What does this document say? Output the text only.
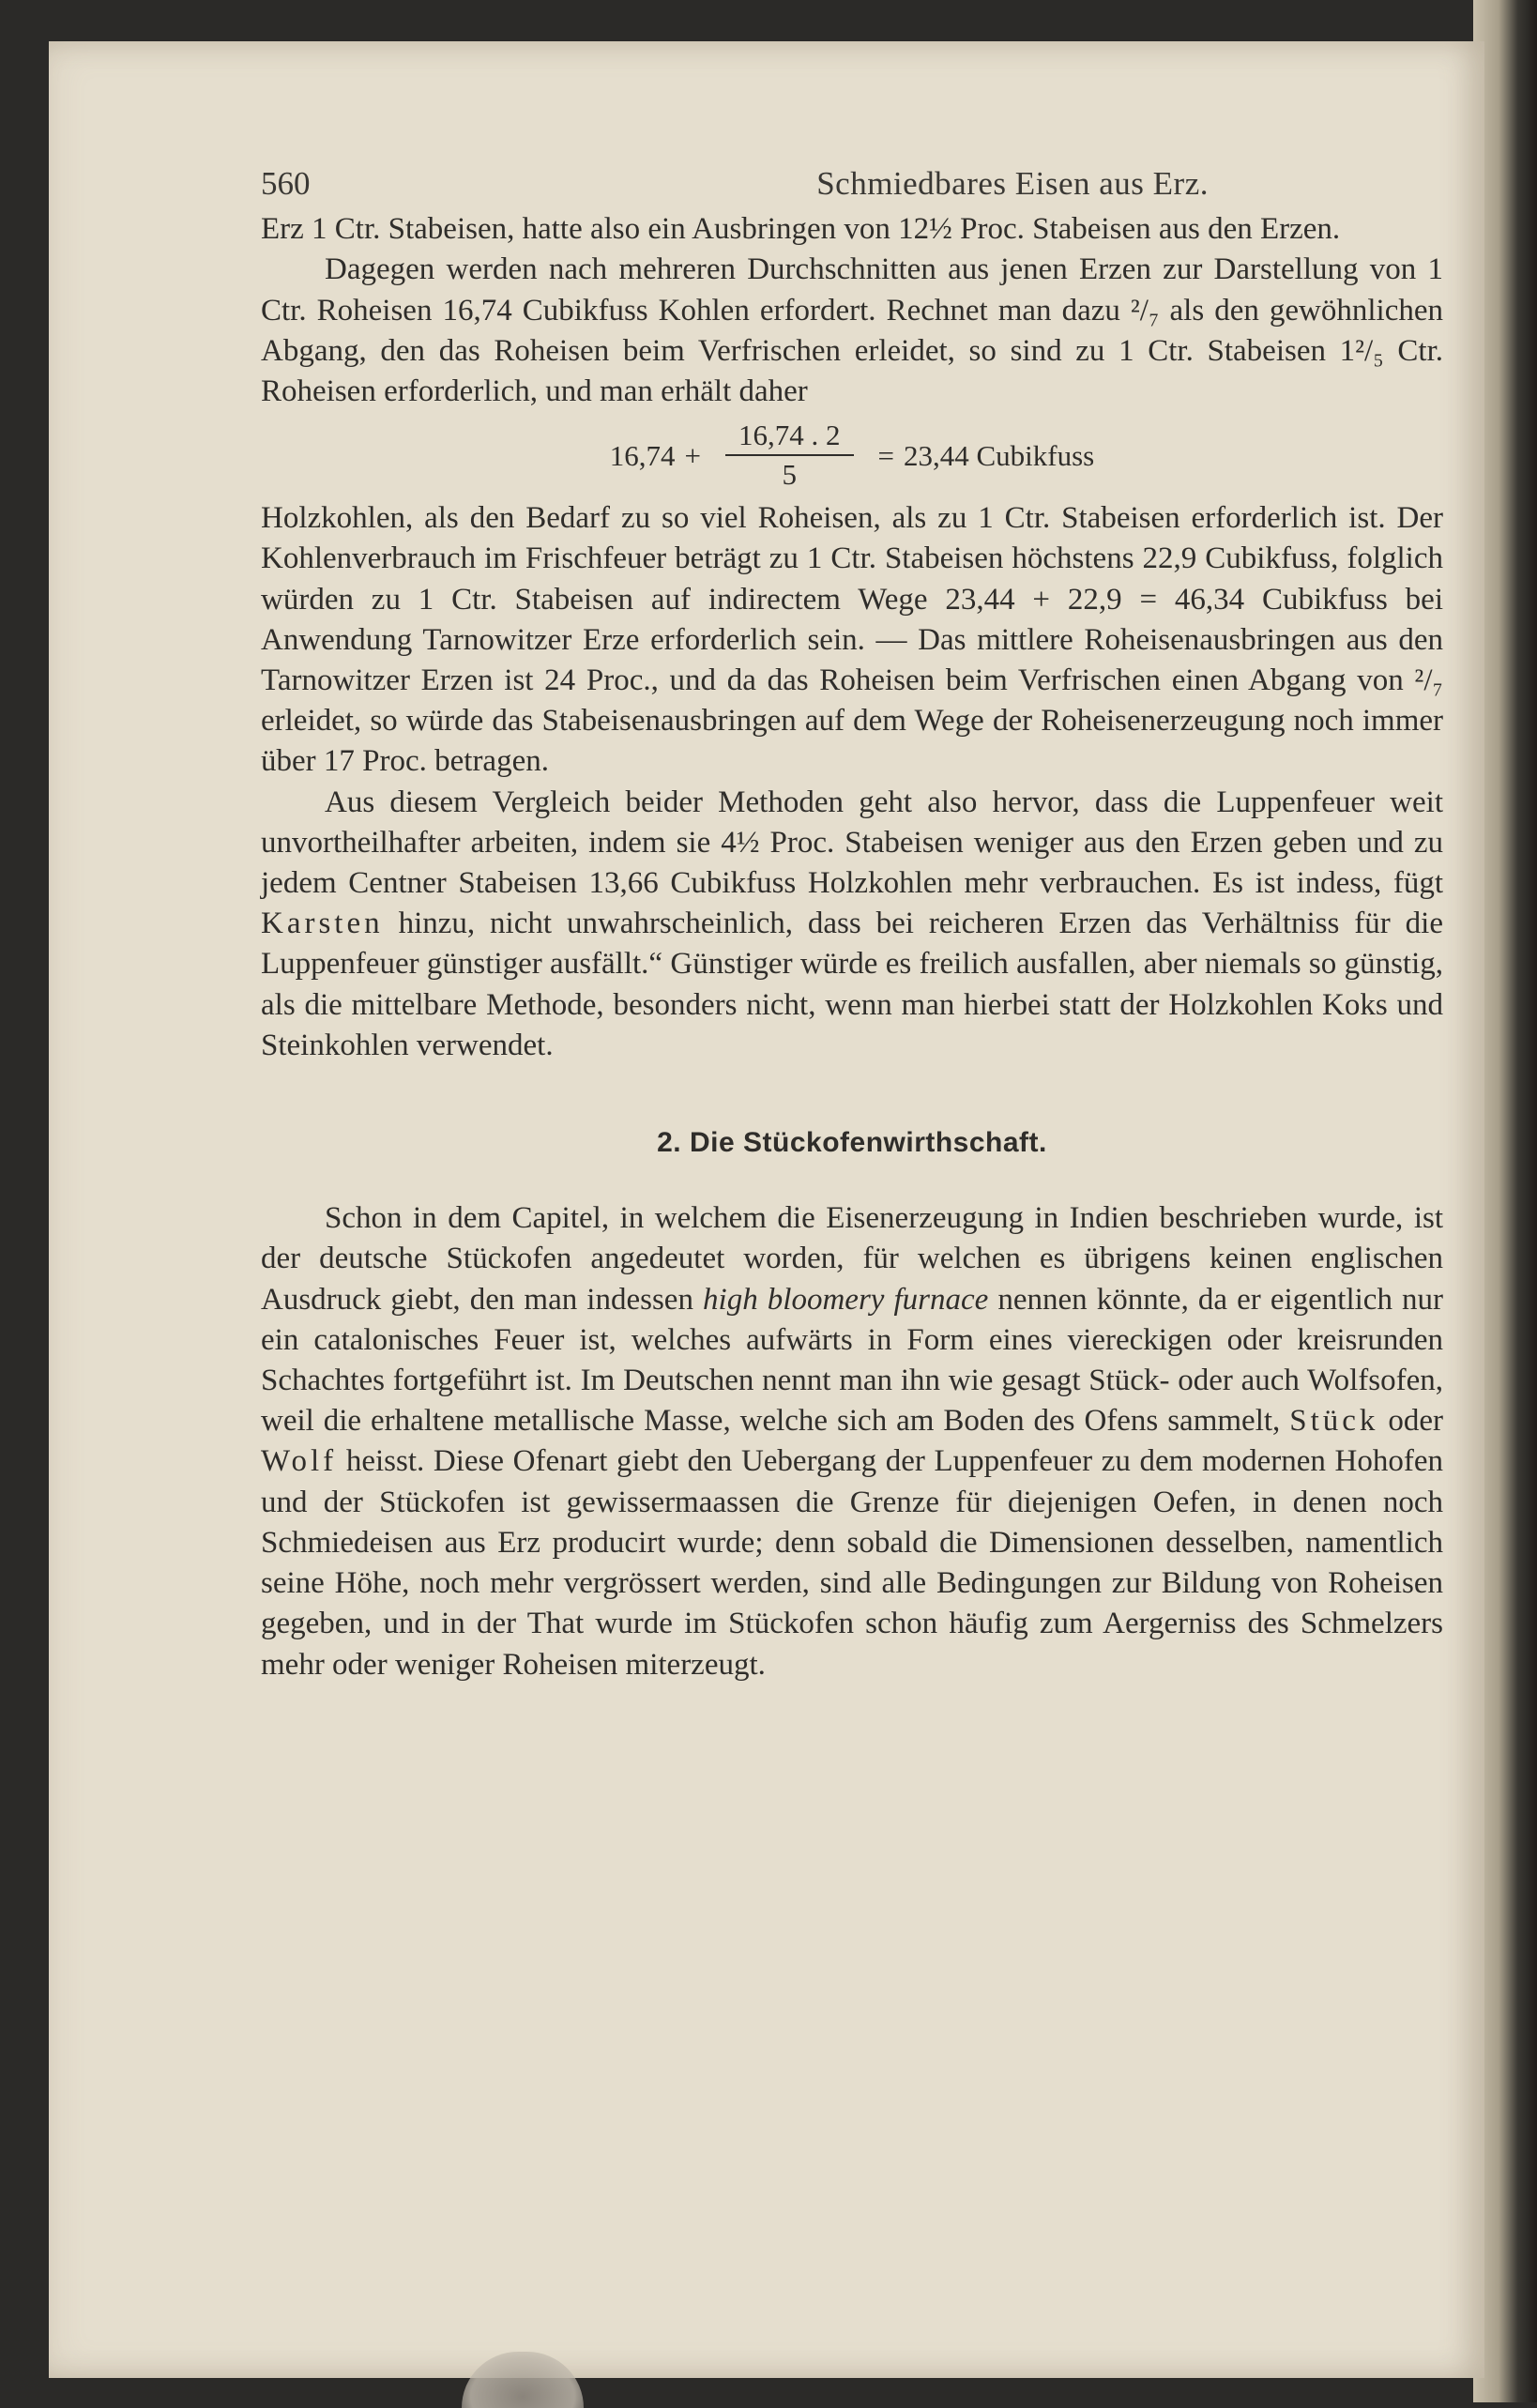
560	Schmiedbares Eisen aus Erz.

Erz 1 Ctr. Stabeisen, hatte also ein Ausbringen von 12½ Proc. Stabeisen aus den Erzen.

Dagegen werden nach mehreren Durchschnitten aus jenen Erzen zur Darstellung von 1 Ctr. Roheisen 16,74 Cubikfuss Kohlen erfordert. Rechnet man dazu ²/₇ als den gewöhnlichen Abgang, den das Roheisen beim Verfrischen erleidet, so sind zu 1 Ctr. Stabeisen 1²/₅ Ctr. Roheisen erforderlich, und man erhält daher

$16,74 + \frac{16,74 . 2}{5} = 23,44$ Cubikfuss

Holzkohlen, als den Bedarf zu so viel Roheisen, als zu 1 Ctr. Stabeisen erforderlich ist. Der Kohlenverbrauch im Frischfeuer beträgt zu 1 Ctr. Stabeisen höchstens 22,9 Cubikfuss, folglich würden zu 1 Ctr. Stabeisen auf indirectem Wege 23,44 + 22,9 = 46,34 Cubikfuss bei Anwendung Tarnowitzer Erze erforderlich sein. — Das mittlere Roheisenausbringen aus den Tarnowitzer Erzen ist 24 Proc., und da das Roheisen beim Verfrischen einen Abgang von ²/₇ erleidet, so würde das Stabeisenausbringen auf dem Wege der Roheisenerzeugung noch immer über 17 Proc. betragen.

Aus diesem Vergleich beider Methoden geht also hervor, dass die Luppenfeuer weit unvortheilhafter arbeiten, indem sie 4½ Proc. Stabeisen weniger aus den Erzen geben und zu jedem Centner Stabeisen 13,66 Cubikfuss Holzkohlen mehr verbrauchen. Es ist indess, fügt Karsten hinzu, nicht unwahrscheinlich, dass bei reicheren Erzen das Verhältniss für die Luppenfeuer günstiger ausfällt.“ Günstiger würde es freilich ausfallen, aber niemals so günstig, als die mittelbare Methode, besonders nicht, wenn man hierbei statt der Holzkohlen Koks und Steinkohlen verwendet.

2. Die Stückofenwirthschaft.

Schon in dem Capitel, in welchem die Eisenerzeugung in Indien beschrieben wurde, ist der deutsche Stückofen angedeutet worden, für welchen es übrigens keinen englischen Ausdruck giebt, den man indessen high bloomery furnace nennen könnte, da er eigentlich nur ein catalonisches Feuer ist, welches aufwärts in Form eines viereckigen oder kreisrunden Schachtes fortgeführt ist. Im Deutschen nennt man ihn wie gesagt Stück- oder auch Wolfsofen, weil die erhaltene metallische Masse, welche sich am Boden des Ofens sammelt, Stück oder Wolf heisst. Diese Ofenart giebt den Uebergang der Luppenfeuer zu dem modernen Hohofen und der Stückofen ist gewissermaassen die Grenze für diejenigen Oefen, in denen noch Schmiedeisen aus Erz producirt wurde; denn sobald die Dimensionen desselben, namentlich seine Höhe, noch mehr vergrössert werden, sind alle Bedingungen zur Bildung von Roheisen gegeben, und in der That wurde im Stückofen schon häufig zum Aergerniss des Schmelzers mehr oder weniger Roheisen miterzeugt.
